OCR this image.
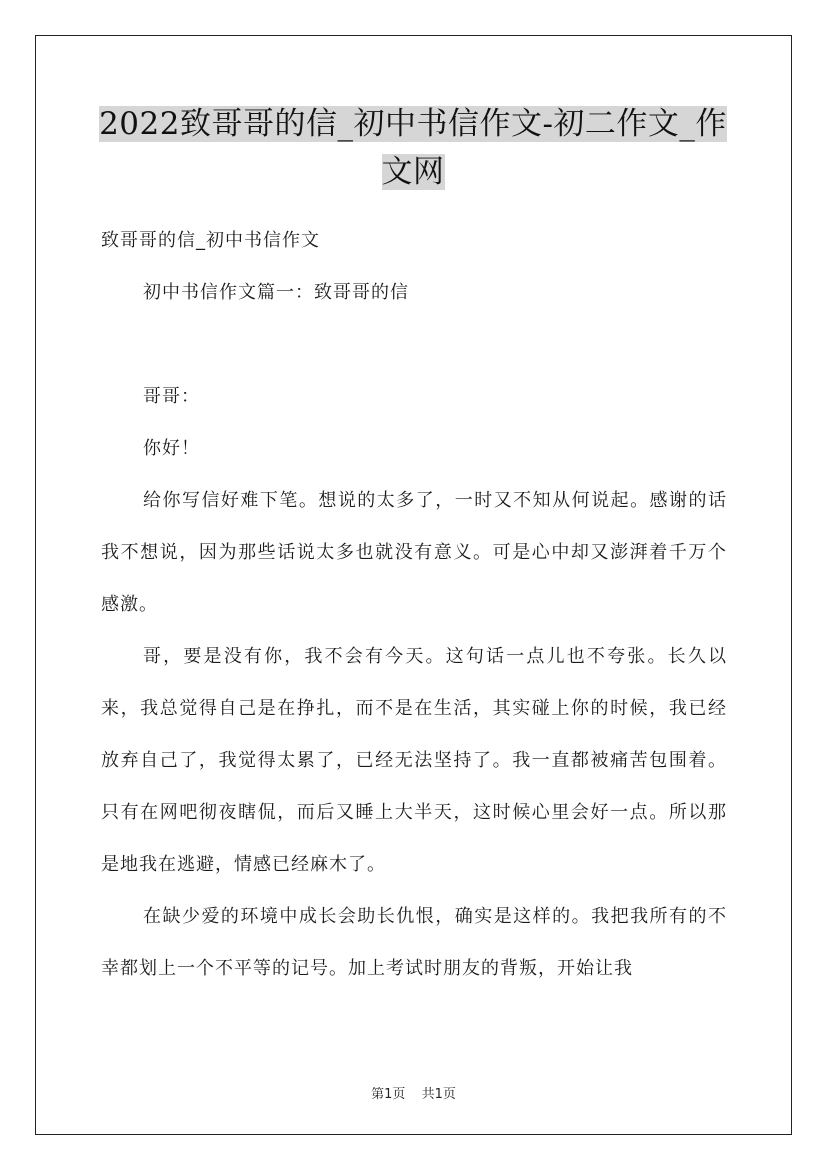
2022致哥哥的信_初中书信作文-初二作文_作文网

致哥哥的信_初中书信作文

初中书信作文篇一：致哥哥的信

哥哥：

你好！

给你写信好难下笔。想说的太多了，一时又不知从何说起。感谢的话我不想说，因为那些话说太多也就没有意义。可是心中却又澎湃着千万个感激。

哥，要是没有你，我不会有今天。这句话一点儿也不夸张。长久以来，我总觉得自己是在挣扎，而不是在生活，其实碰上你的时候，我已经放弃自己了，我觉得太累了，已经无法坚持了。我一直都被痛苦包围着。只有在网吧彻夜瞎侃，而后又睡上大半天，这时候心里会好一点。所以那是地我在逃避，情感已经麻木了。

在缺少爱的环境中成长会助长仇恨，确实是这样的。我把我所有的不幸都划上一个不平等的记号。加上考试时朋友的背叛，开始让我

第1页 共1页
